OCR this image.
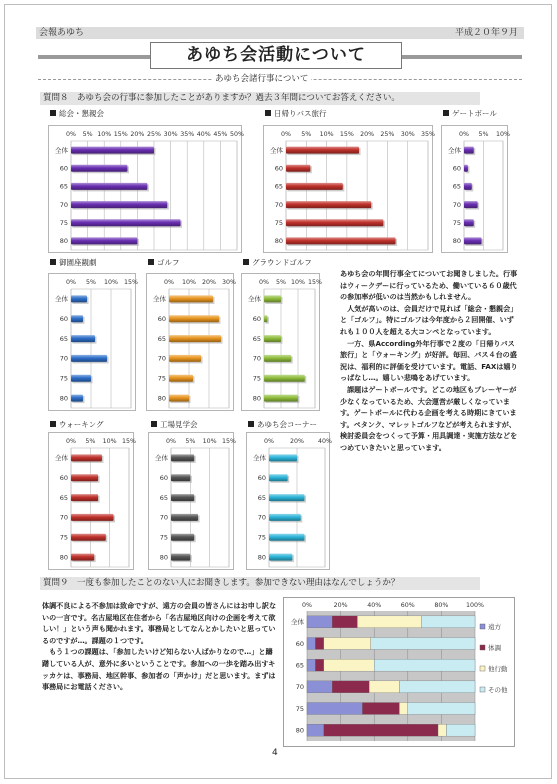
会報あゆち	平成２０年９月
あゆち会活動について
あゆち会諸行事について
質問８　あゆち会の行事に参加したことがありますか？過去３年間についてお答えください。
総会・懇親会	日帰りバス旅行	ゲートボール
御園座観劇	ゴルフ	グラウンドゴルフ
ウォーキング	工場見学会	あゆち会コーナー
0% 5% 10% 15% 20% 25% 30% 35% 40% 45% 50%
全体
60
65
70
75
80
0% 5% 10% 15% 20% 25% 30% 35%
全体
60
65
70
75
80
0% 5% 10%
全体
60
65
70
75
80
0% 5% 10% 15%
全体
60
65
70
75
80
0% 10% 20% 30%
全体
60
65
70
75
80
0% 5% 10% 15%
全体
60
65
70
75
80
0% 5% 10% 15%
全体
60
65
70
75
80
0% 5% 10% 15%
全体
60
65
70
75
80
0%	20% 40%
全体
60
65
70
75
80
あゆち会の年間行事全てについてお聞きしました。行事はウィークデーに行っているため、働いている６０歳代の参加率が低いのは当然かもしれません。
　人気が高いのは、会員だけで見れば「総会・懇親会」と「ゴルフ」。特にゴルフは今年度から２回開催、いずれも１００人を超える大コンペとなっています。
　一方、県According外年行事で２度の「日帰りバス旅行」と「ウォーキング」が好評。毎回、バス４台の盛況は、福利的に評価を受けています。電話、FAXは嬉りっぱなし…。嬉しい悲鳴をあげています。
　課題はゲートボールです。どこの地区もプレーヤーが少なくなっているため、大会運営が厳しくなっています。ゲートボールに代わる企画を考える時期にきています。ペタンク、マレットゴルフなどが考えられますが、検討委員会をつくって予算・用具調達・実施方法などをつめていきたいと思っています。
質問９　一度も参加したことのない人にお聞きします。参加できない理由はなんでしょうか？
体調不良による不参加は致命ですが、遠方の会員の皆さんにはお申し訳ないの一言です。名古屋地区在住者から「名古屋地区向けの企画を考えて欲しい！」という声も聞かれます。事務局としてなんとかしたいと思っているのですが…。課題の１つです。
　もう１つの課題は、「参加したいけど知らない人ばかりなので…」と躊躇している人が、意外に多いということです。参加への一歩を踏み出すキッカケは、事務局、地区幹事、参加者の「声かけ」だと思います。まずは事務局にお電話ください。
0%	20%	40%	60%	80%	100%
全体
60
65
70
75
80
遠方
体調
他行動
その他
4
